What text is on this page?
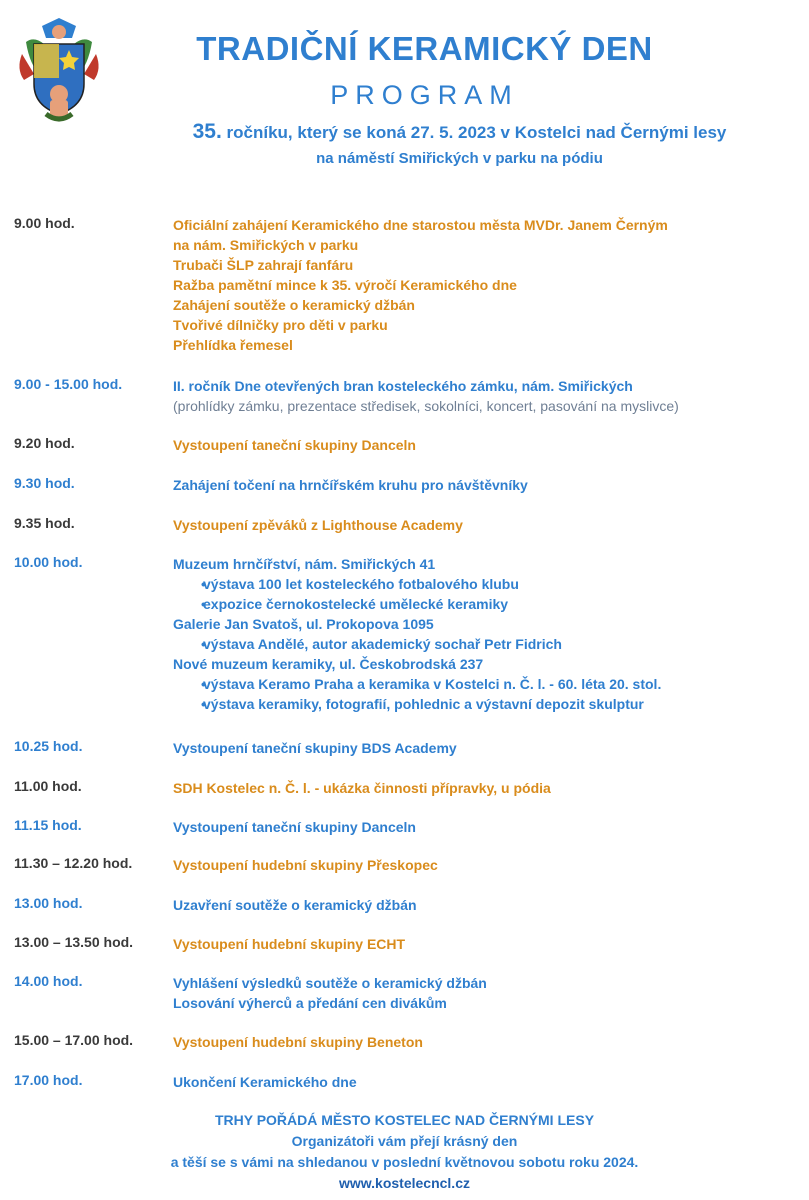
TRADIČNÍ KERAMICKÝ DEN
PROGRAM
35. ročníku, který se koná 27. 5. 2023 v Kostelci nad Černými lesy
na náměstí Smiřických v parku na pódiu
9.00 hod.	Oficiální zahájení Keramického dne starostou města MVDr. Janem Černým
na nám. Smiřických v parku
Trubači ŠLP zahrají fanfáru
Ražba pamětní mince k 35. výročí Keramického dne
Zahájení soutěže o keramický džbán
Tvořivé dílničky pro děti v parku
Přehlídka řemesel
9.00 - 15.00 hod.	II. ročník Dne otevřených bran kosteleckého zámku, nám. Smiřických
(prohlídky zámku, prezentace středisek, sokolníci, koncert, pasování na myslivce)
9.20 hod.	Vystoupení taneční skupiny Danceln
9.30 hod.	Zahájení točení na hrnčířském kruhu pro návštěvníky
9.35 hod.	Vystoupení zpěváků z Lighthouse Academy
10.00 hod.	Muzeum hrnčířství, nám. Smiřických 41
• výstava 100 let kosteleckého fotbalového klubu
• expozice černokostelecké umělecké keramiky
Galerie Jan Svatoš, ul. Prokopova 1095
• výstava Andělé, autor akademický sochař Petr Fidrich
Nové muzeum keramiky, ul. Českobrodská 237
• výstava Keramo Praha a keramika v Kostelci n. Č. l. - 60. léta 20. stol.
• výstava keramiky, fotografií, pohlednic a výstavní depozit skulptur
10.25 hod.	Vystoupení taneční skupiny BDS Academy
11.00 hod.	SDH Kostelec n. Č. l. - ukázka činnosti přípravky, u pódia
11.15 hod.	Vystoupení taneční skupiny Danceln
11.30 – 12.20 hod.	Vystoupení hudební skupiny Přeskopec
13.00 hod.	Uzavření soutěže o keramický džbán
13.00 – 13.50 hod.	Vystoupení hudební skupiny ECHT
14.00 hod.	Vyhlášení výsledků soutěže o keramický džbán
Losování výherců a předání cen divákům
15.00 – 17.00 hod.	Vystoupení hudební skupiny Beneton
17.00 hod.	Ukončení Keramického dne
TRHY POŘÁDÁ MĚSTO KOSTELEC NAD ČERNÝMI LESY
Organizátoři vám přejí krásný den
a těší se s vámi na shledanou v poslední květnovou sobotu roku 2024.
www.kostelecncl.cz
